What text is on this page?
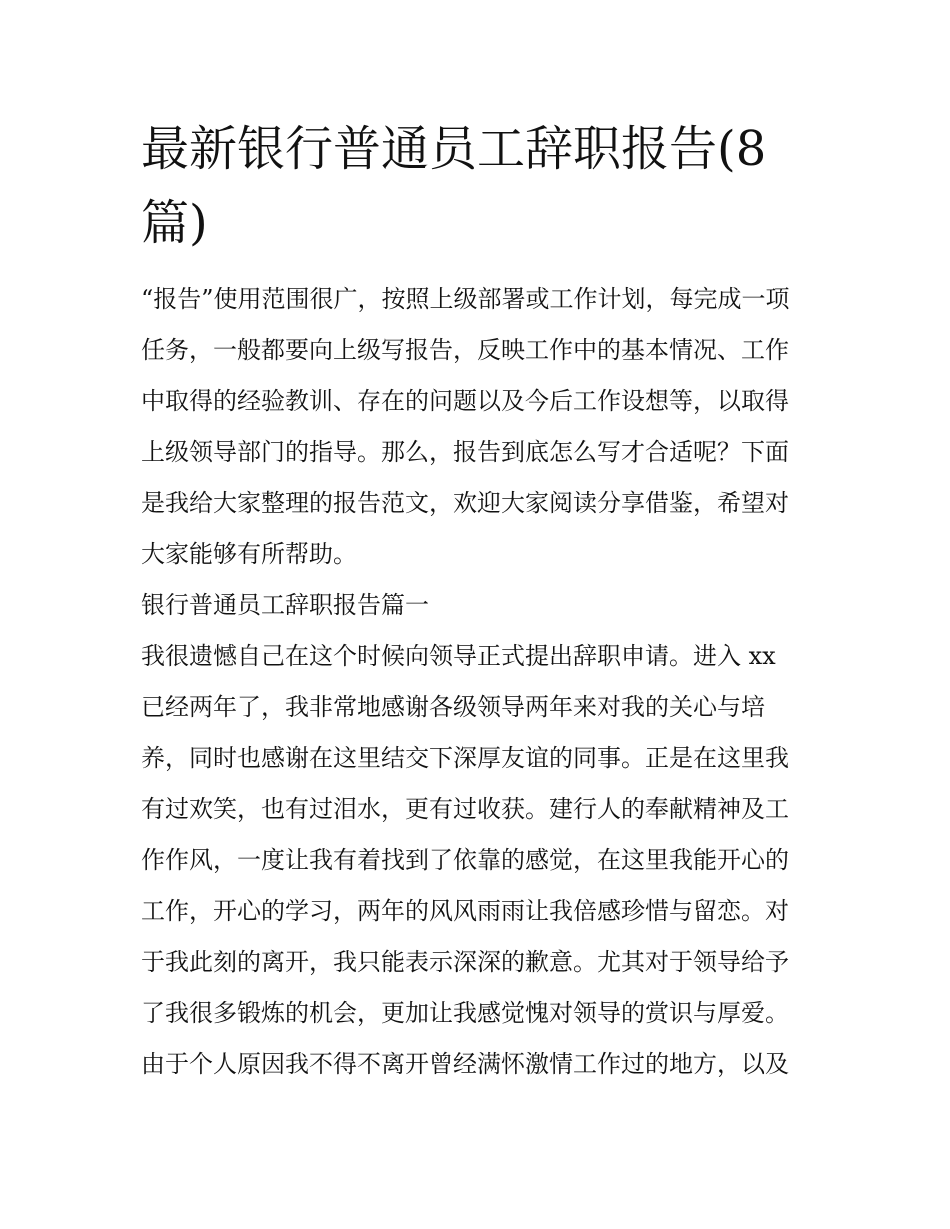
最新银行普通员工辞职报告(8
篇)
“报告”使用范围很广，按照上级部署或工作计划，每完成一项
任务，一般都要向上级写报告，反映工作中的基本情况、工作
中取得的经验教训、存在的问题以及今后工作设想等，以取得
上级领导部门的指导。那么，报告到底怎么写才合适呢？下面
是我给大家整理的报告范文，欢迎大家阅读分享借鉴，希望对
大家能够有所帮助。
银行普通员工辞职报告篇一
我很遗憾自己在这个时候向领导正式提出辞职申请。进入 xx
已经两年了，我非常地感谢各级领导两年来对我的关心与培
养，同时也感谢在这里结交下深厚友谊的同事。正是在这里我
有过欢笑，也有过泪水，更有过收获。建行人的奉献精神及工
作作风，一度让我有着找到了依靠的感觉，在这里我能开心的
工作，开心的学习，两年的风风雨雨让我倍感珍惜与留恋。对
于我此刻的离开，我只能表示深深的歉意。尤其对于领导给予
了我很多锻炼的机会，更加让我感觉愧对领导的赏识与厚爱。
由于个人原因我不得不离开曾经满怀激情工作过的地方，以及
